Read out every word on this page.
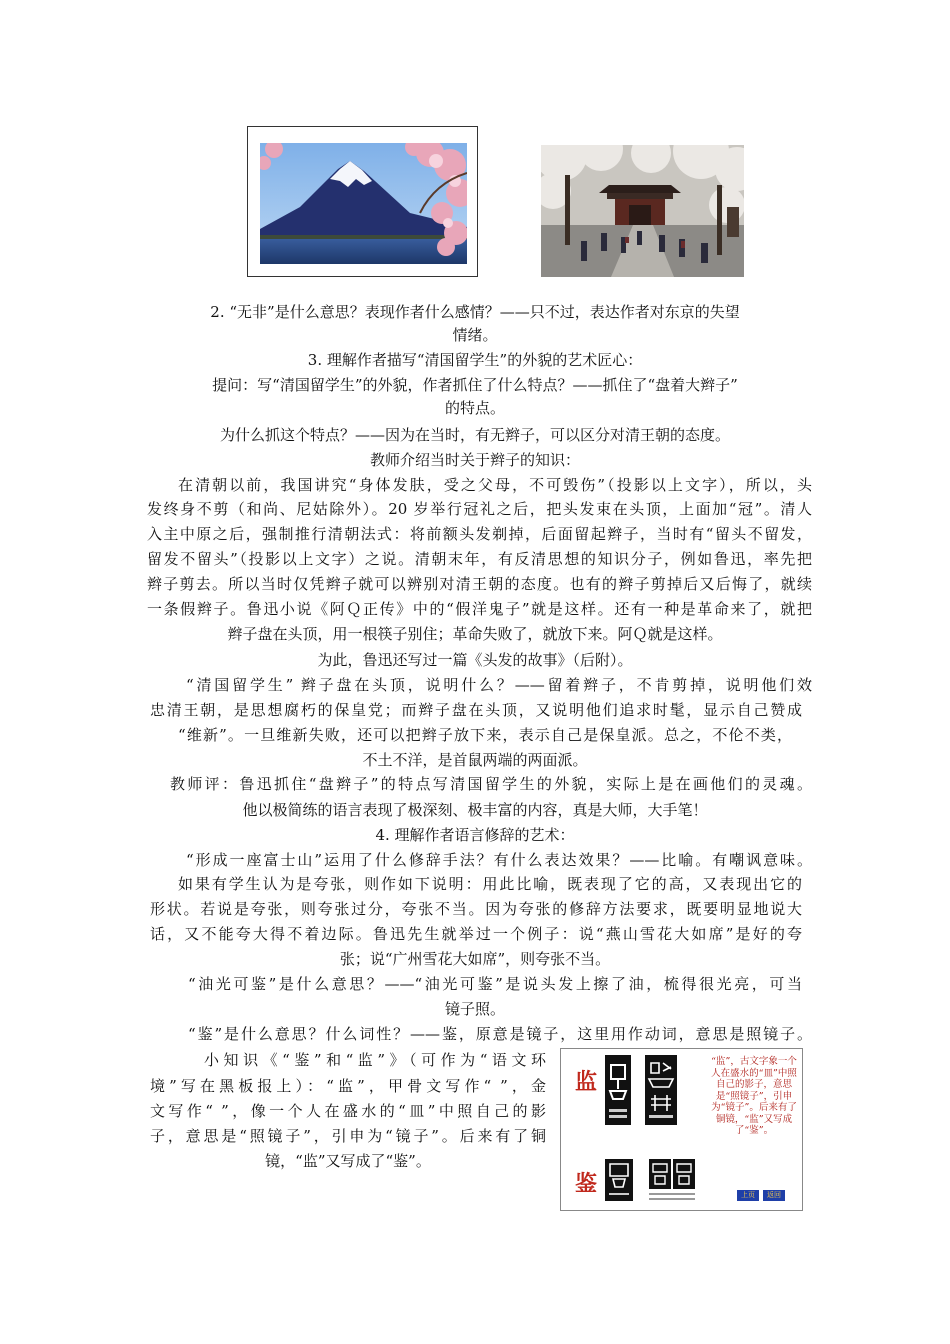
2. “无非”是什么意思？表现作者什么感情？——只不过，表达作者对东京的失望
情绪。
3. 理解作者描写“清国留学生”的外貌的艺术匠心：
提问：写“清国留学生”的外貌，作者抓住了什么特点？——抓住了“盘着大辫子”
的特点。
为什么抓这个特点？——因为在当时，有无辫子，可以区分对清王朝的态度。
教师介绍当时关于辫子的知识：
在清朝以前，我国讲究“身体发肤，受之父母，不可毁伤”（投影以上文字），所以，头
发终身不剪（和尚、尼姑除外）。20 岁举行冠礼之后，把头发束在头顶，上面加“冠”。清人
入主中原之后，强制推行清朝法式：将前额头发剃掉，后面留起辫子，当时有“留头不留发，
留发不留头”（投影以上文字）之说。清朝末年，有反清思想的知识分子，例如鲁迅，率先把
辫子剪去。所以当时仅凭辫子就可以辨别对清王朝的态度。也有的辫子剪掉后又后悔了，就续
一条假辫子。鲁迅小说《阿Ｑ正传》中的“假洋鬼子”就是这样。还有一种是革命来了，就把
辫子盘在头顶，用一根筷子别住；革命失败了，就放下来。阿Ｑ就是这样。
为此，鲁迅还写过一篇《头发的故事》（后附）。
“清国留学生” 辫子盘在头顶，说明什么？——留着辫子，不肯剪掉，说明他们效
忠清王朝，是思想腐朽的保皇党；而辫子盘在头顶，又说明他们追求时髦，显示自己赞成
“维新”。一旦维新失败，还可以把辫子放下来，表示自己是保皇派。总之，不伦不类，
不土不洋，是首鼠两端的两面派。
教师评：鲁迅抓住“盘辫子”的特点写清国留学生的外貌，实际上是在画他们的灵魂。
他以极简练的语言表现了极深刻、极丰富的内容，真是大师，大手笔！
4. 理解作者语言修辞的艺术：
“形成一座富士山”运用了什么修辞手法？有什么表达效果？——比喻。有嘲讽意味。
如果有学生认为是夸张，则作如下说明：用此比喻，既表现了它的高，又表现出它的
形状。若说是夸张，则夸张过分，夸张不当。因为夸张的修辞方法要求，既要明显地说大
话，又不能夸大得不着边际。鲁迅先生就举过一个例子：说“燕山雪花大如席”是好的夸
张；说“广州雪花大如席”，则夸张不当。
“油光可鉴”是什么意思？——“油光可鉴”是说头发上擦了油，梳得很光亮，可当
镜子照。
“鉴”是什么意思？什么词性？——鉴，原意是镜子，这里用作动词，意思是照镜子。
小知识《“鉴”和“监”》（可作为“语文环
境”写在黑板报上）：“监”，甲骨文写作“ ”，金
文写作“ ”，像一个人在盛水的“皿”中照自己的影
子，意思是“照镜子”，引申为“镜子”。后来有了铜
镜，“监”又写成了“鉴”。
监
鉴
“监”，古文字象一个人在盛水的“皿”中照自己的影子，意思是“照镜子”，引申为“镜子”。后来有了铜镜，“监”又写成了“鉴”。
上页	返回
